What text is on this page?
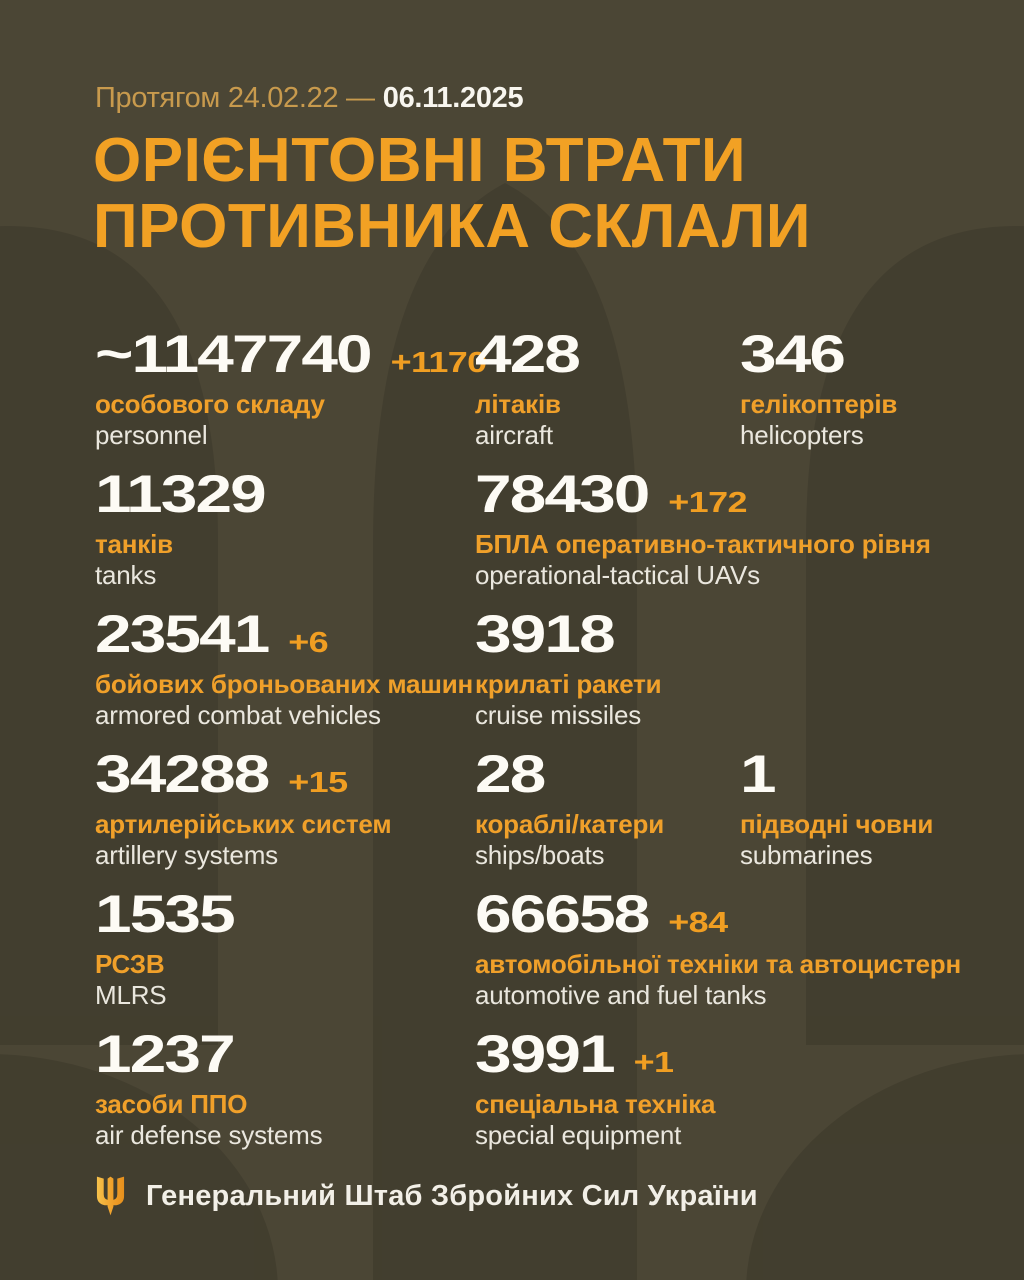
Протягом 24.02.22 — 06.11.2025
ОРІЄНТОВНІ ВТРАТИ
ПРОТИВНИКА СКЛАЛИ
~1147740 +1170
особового складу
personnel
428
літаків
aircraft
346
гелікоптерів
helicopters
11329
танків
tanks
78430 +172
БПЛА оперативно-тактичного рівня
operational-tactical UAVs
23541 +6
бойових броньованих машин
armored combat vehicles
3918
крилаті ракети
cruise missiles
34288 +15
артилерійських систем
artillery systems
28
кораблі/катери
ships/boats
1
підводні човни
submarines
1535
РСЗВ
MLRS
66658 +84
автомобільної техніки та автоцистерн
automotive and fuel tanks
1237
засоби ППО
air defense systems
3991 +1
спеціальна техніка
special equipment
Генеральний Штаб Збройних Сил України
